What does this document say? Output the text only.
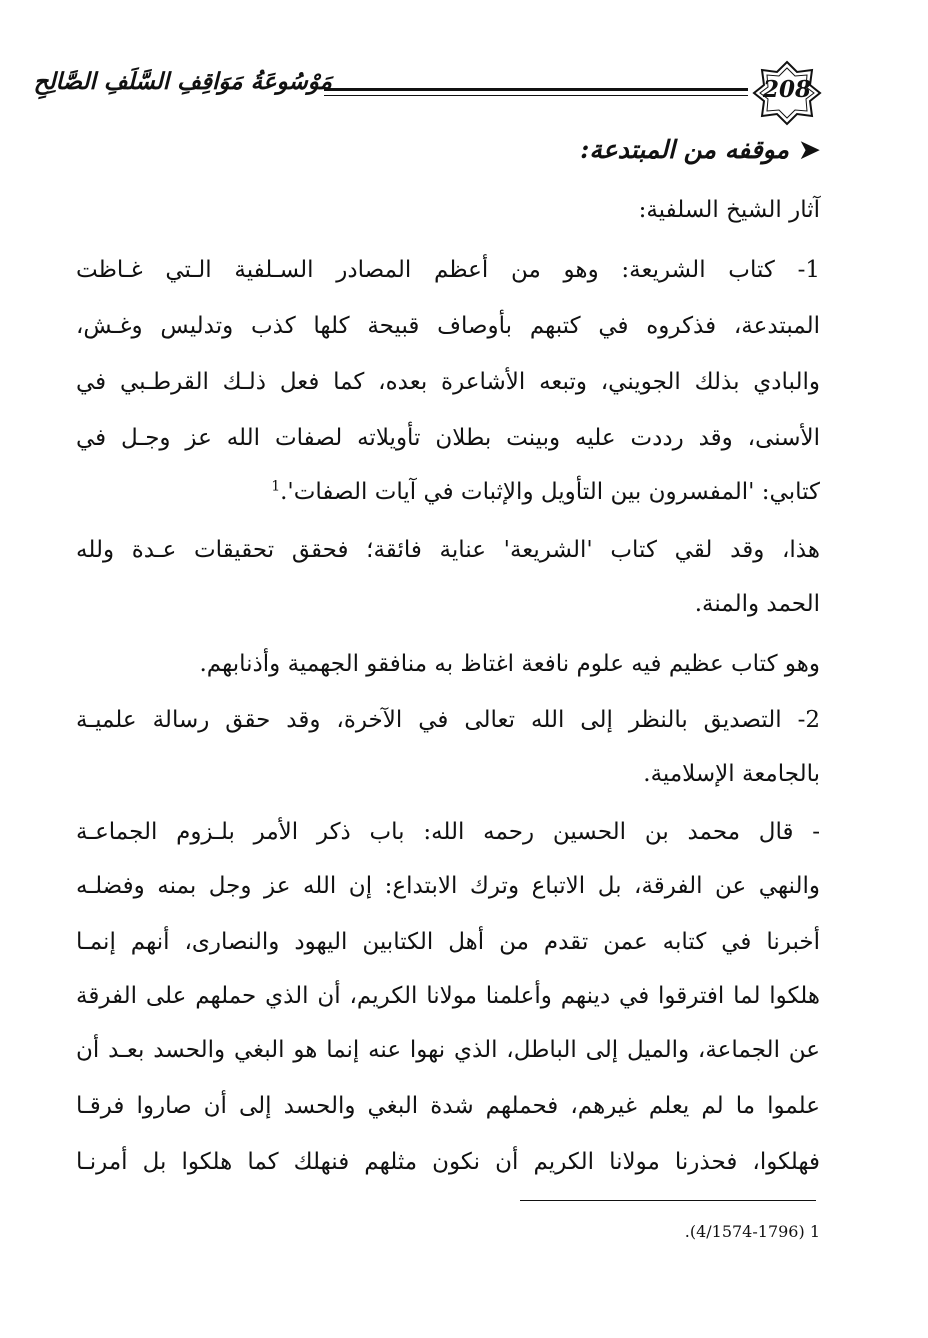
مَوْسُوعَةُ مَوَاقِفِ السَّلَفِ الصَّالِحِ	208
➤موقفه من المبتدعة:
آثار الشيخ السلفية:
1- كتاب الشريعة: وهو من أعظم المصادر السـلفية الـتي غـاظت
المبتدعة، فذكروه في كتبهم بأوصاف قبيحة كلها كذب وتدليس وغـش،
والبادي بذلك الجويني، وتبعه الأشاعرة بعده، كما فعل ذلـك القرطـبي في
الأسنى، وقد رددت عليه وبينت بطلان تأويلاته لصفات الله عز وجـل في
كتابي: 'المفسرون بين التأويل والإثبات في آيات الصفات'.$^1$
هذا، وقد لقي كتاب 'الشريعة' عناية فائقة؛ فحقق تحقيقات عـدة ولله
الحمد والمنة.
وهو كتاب عظيم فيه علوم نافعة اغتاظ به منافقو الجهمية وأذنابهم.
2- التصديق بالنظر إلى الله تعالى في الآخرة، وقد حقق رسالة علميـة
بالجامعة الإسلامية.
- قال محمد بن الحسين رحمه الله: باب ذكر الأمر بلـزوم الجماعـة
والنهي عن الفرقة، بل الاتباع وترك الابتداع: إن الله عز وجل بمنه وفضلـه
أخبرنا في كتابه عمن تقدم من أهل الكتابين اليهود والنصارى، أنهم إنمـا
هلكوا لما افترقوا في دينهم وأعلمنا مولانا الكريم، أن الذي حملهم على الفرقة
عن الجماعة، والميل إلى الباطل، الذي نهوا عنه إنما هو البغي والحسد بعـد أن
علموا ما لم يعلم غيرهم، فحملهم شدة البغي والحسد إلى أن صاروا فرقـا
فهلكوا، فحذرنا مولانا الكريم أن نكون مثلهم فنهلك كما هلكوا بل أمرنـا
1 (4/1574-1796).
